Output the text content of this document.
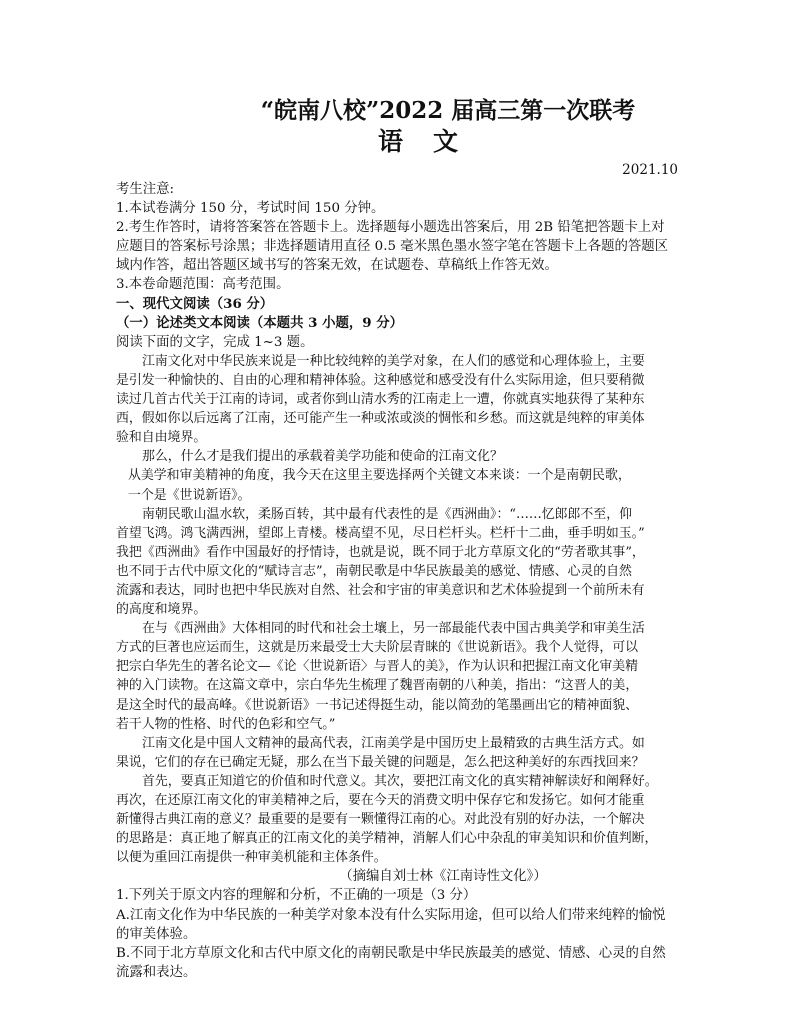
“皖南八校”2022 届高三第一次联考
语文
2021.10

考生注意:

1.本试卷满分 150 分，考试时间 150 分钟。

2.考生作答时，请将答案答在答题卡上。选择题每小题选出答案后，用 2B 铅笔把答题卡上对

应题目的答案标号涂黑；非选择题请用直径 0.5 毫米黑色墨水签字笔在答题卡上各题的答题区

域内作答，超出答题区域书写的答案无效，在试题卷、草稿纸上作答无效。

3.本卷命题范围：高考范围。

一、现代文阅读（36 分）

（一）论述类文本阅读（本题共 3 小题，9 分）

阅读下面的文字，完成 1~3 题。

江南文化对中华民族来说是一种比较纯粹的美学对象，在人们的感觉和心理体验上，主要

是引发一种愉快的、自由的心理和精神体验。这种感觉和感受没有什么实际用途，但只要稍微

读过几首古代关于江南的诗词，或者你到山清水秀的江南走上一遭，你就真实地获得了某种东

西，假如你以后远离了江南，还可能产生一种或浓或淡的惆怅和乡愁。而这就是纯粹的审美体

验和自由境界。

那么，什么才是我们提出的承载着美学功能和使命的江南文化？

从美学和审美精神的角度，我今天在这里主要选择两个关键文本来谈：一个是南朝民歌，

一个是《世说新语》。

南朝民歌山温水软，柔肠百转，其中最有代表性的是《西洲曲》：“……忆郎郎不至，仰

首望飞鸿。鸿飞满西洲，望郎上青楼。楼高望不见，尽日栏杆头。栏杆十二曲，垂手明如玉。”

我把《西洲曲》看作中国最好的抒情诗，也就是说，既不同于北方草原文化的“劳者歌其事”，

也不同于古代中原文化的“赋诗言志”，南朝民歌是中华民族最美的感觉、情感、心灵的自然

流露和表达，同时也把中华民族对自然、社会和宇宙的审美意识和艺术体验提到一个前所未有

的高度和境界。

在与《西洲曲》大体相同的时代和社会土壤上，另一部最能代表中国古典美学和审美生活

方式的巨著也应运而生，这就是历来最受士大夫阶层青睐的《世说新语》。我个人觉得，可以

把宗白华先生的著名论文—《论〈世说新语〉与晋人的美》，作为认识和把握江南文化审美精

神的入门读物。在这篇文章中，宗白华先生梳理了魏晋南朝的八种美，指出：“这晋人的美，

是这全时代的最高峰。《世说新语》一书记述得挺生动，能以简劲的笔墨画出它的精神面貌、

若干人物的性格、时代的色彩和空气。”

江南文化是中国人文精神的最高代表，江南美学是中国历史上最精致的古典生活方式。如

果说，它们的存在已确定无疑，那么在当下最关键的问题是，怎么把这种美好的东西找回来？

首先，要真正知道它的价值和时代意义。其次，要把江南文化的真实精神解读好和阐释好。

再次，在还原江南文化的审美精神之后，要在今天的消费文明中保存它和发扬它。如何才能重

新懂得古典江南的意义？最重要的是要有一颗懂得江南的心。对此没有别的好办法，一个解决

的思路是：真正地了解真正的江南文化的美学精神，消解人们心中杂乱的审美知识和价值判断，

以便为重回江南提供一种审美机能和主体条件。

（摘编自刘士林《江南诗性文化》）

1.下列关于原文内容的理解和分析，不正确的一项是（3 分）

A.江南文化作为中华民族的一种美学对象本没有什么实际用途，但可以给人们带来纯粹的愉悦

的审美体验。

B.不同于北方草原文化和古代中原文化的南朝民歌是中华民族最美的感觉、情感、心灵的自然

流露和表达。
